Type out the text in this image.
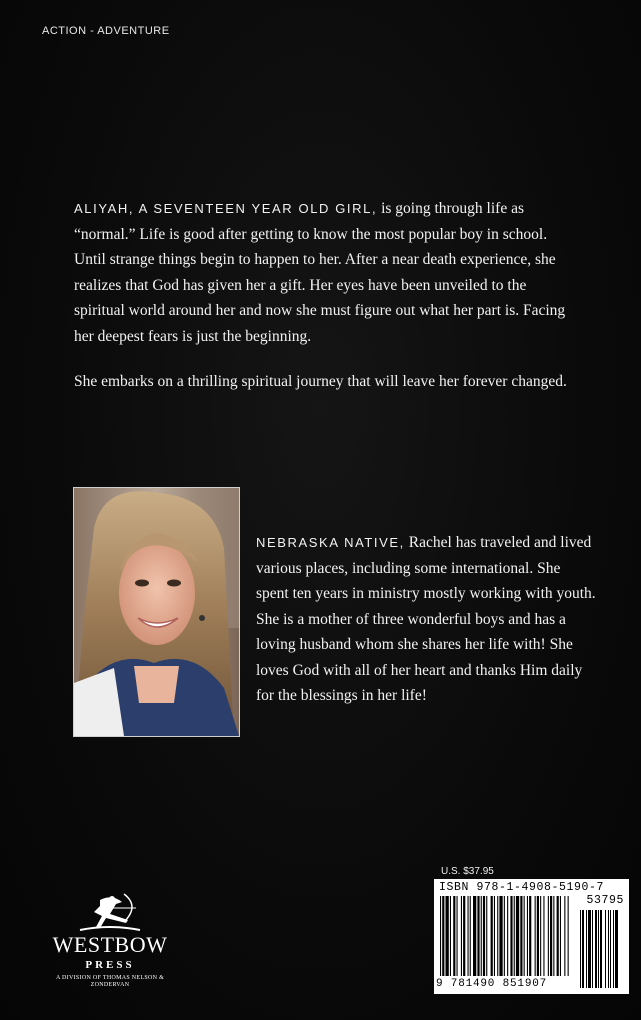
ACTION - ADVENTURE

ALIYAH, A SEVENTEEN YEAR OLD GIRL, is going through life as “normal.” Life is good after getting to know the most popular boy in school. Until strange things begin to happen to her. After a near death experience, she realizes that God has given her a gift. Her eyes have been unveiled to the spiritual world around her and now she must figure out what her part is. Facing her deepest fears is just the beginning.

She embarks on a thrilling spiritual journey that will leave her forever changed.

NEBRASKA NATIVE, Rachel has traveled and lived various places, including some international. She spent ten years in ministry mostly working with youth. She is a mother of three wonderful boys and has a loving husband whom she shares her life with! She loves God with all of her heart and thanks Him daily for the blessings in her life!
WESTBOW
PRESS
A DIVISION OF THOMAS NELSON & ZONDERVAN
U.S. $37.95
ISBN 978-1-4908-5190-7
53795
9 781490 851907
